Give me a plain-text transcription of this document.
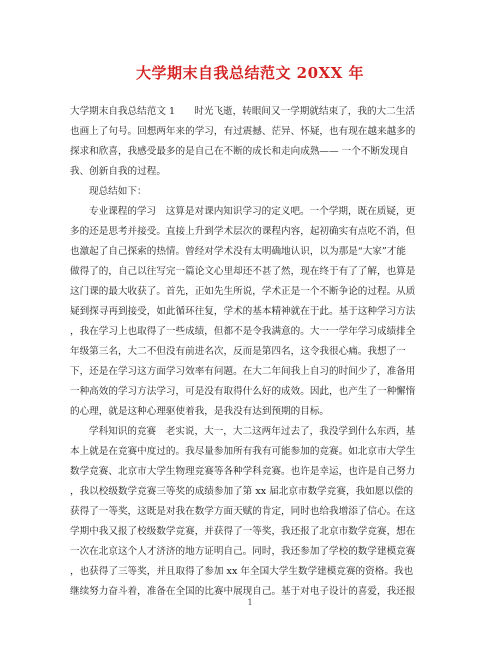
大学期末自我总结范文 20XX 年
大学期末自我总结范文 1　　时光飞逝，转眼间又一学期就结束了，我的大二生活
也画上了句号。回想两年来的学习，有过震撼、茫异、怀疑，也有现在越来越多的
探求和欣喜，我感受最多的是自己在不断的成长和走向成熟—— 一个不断发现自
我、创新自我的过程。
现总结如下：
专业课程的学习　这算是对课内知识学习的定义吧。一个学期，既在质疑，更
多的还是思考并接受。直接上升到学术层次的课程内容，起初确实有点吃不消，但
也激起了自己探索的热情。曾经对学术没有太明确地认识，以为那是“大家”才能
做得了的，自己以往写完一篇论文心里却还不甚了然，现在终于有了了解，也算是
这门课的最大收获了。首先，正如先生所说，学术正是一个不断争论的过程。从质
疑到探寻再到接受，如此循环往复，学术的基本精神就在于此。基于这种学习方法
，我在学习上也取得了一些成绩，但都不是令我满意的。大一一学年学习成绩排全
年级第三名，大二不但没有前进名次，反而是第四名，这令我很心痛。我想了一
下，还是在学习这方面学习效率有问题。在大二年间我上自习的时间少了，准备用
一种高效的学习方法学习，可是没有取得什么好的成效。因此，也产生了一种懈惰
的心理，就是这种心理驱使着我，是我没有达到预期的目标。
学科知识的竞赛　老实说，大一，大二这两年过去了，我没学到什么东西，基
本上就是在竞赛中度过的。我尽量参加所有我有可能参加的竞赛。如北京市大学生
数学竞赛、北京市大学生物理竞赛等各种学科竞赛。也许是幸运，也许是自己努力
，我以校级数学竞赛三等奖的成绩参加了第 xx 届北京市数学竞赛，我如愿以偿的
获得了一等奖，这既是对我在数学方面天赋的肯定，同时也给我增添了信心。在这
学期中我又报了校级数学竞赛，并获得了一等奖，我还报了北京市数学竞赛，想在
一次在北京这个人才济济的地方证明自己。同时，我还参加了学校的数学建模竞赛
，也获得了三等奖，并且取得了参加 xx 年全国大学生数学建模竞赛的资格。我也
继续努力奋斗着，准备在全国的比赛中展现自己。基于对电子设计的喜爱，我还报
1
